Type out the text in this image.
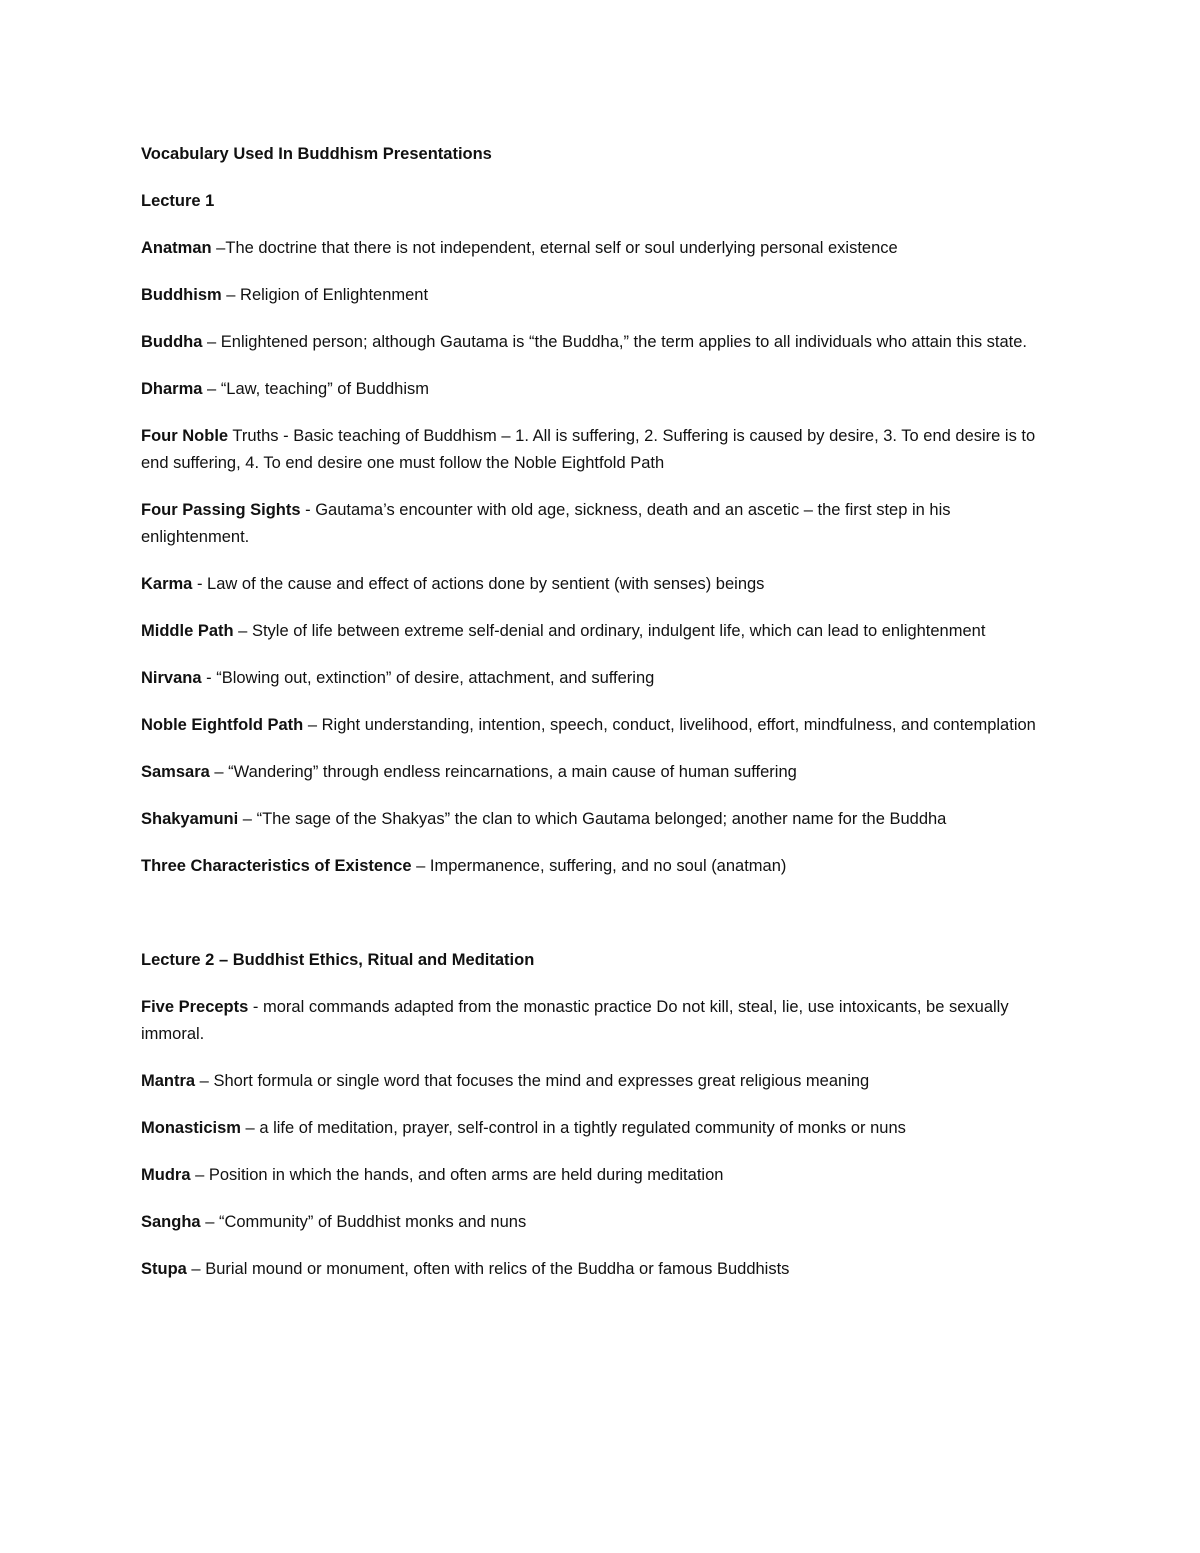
Vocabulary Used In Buddhism Presentations

Lecture 1

Anatman –The doctrine that there is not independent, eternal self or soul underlying personal existence

Buddhism – Religion of Enlightenment

Buddha – Enlightened person; although Gautama is “the Buddha,” the term applies to all individuals who attain this state.

Dharma – “Law, teaching” of Buddhism

Four Noble Truths - Basic teaching of Buddhism – 1. All is suffering, 2. Suffering is caused by desire, 3. To end desire is to end suffering, 4. To end desire one must follow the Noble Eightfold Path

Four Passing Sights - Gautama’s encounter with old age, sickness, death and an ascetic – the first step in his enlightenment.

Karma - Law of the cause and effect of actions done by sentient (with senses) beings

Middle Path – Style of life between extreme self-denial and ordinary, indulgent life, which can lead to enlightenment

Nirvana - “Blowing out, extinction” of desire, attachment, and suffering

Noble Eightfold Path – Right understanding, intention, speech, conduct, livelihood, effort, mindfulness, and contemplation

Samsara – “Wandering” through endless reincarnations, a main cause of human suffering

Shakyamuni – “The sage of the Shakyas” the clan to which Gautama belonged; another name for the Buddha

Three Characteristics of Existence – Impermanence, suffering, and no soul (anatman)

Lecture 2 – Buddhist Ethics, Ritual and Meditation

Five Precepts - moral commands adapted from the monastic practice Do not kill, steal, lie, use intoxicants, be sexually immoral.

Mantra – Short formula or single word that focuses the mind and expresses great religious meaning

Monasticism – a life of meditation, prayer, self-control in a tightly regulated community of monks or nuns

Mudra – Position in which the hands, and often arms are held during meditation

Sangha – “Community” of Buddhist monks and nuns

Stupa – Burial mound or monument, often with relics of the Buddha or famous Buddhists
